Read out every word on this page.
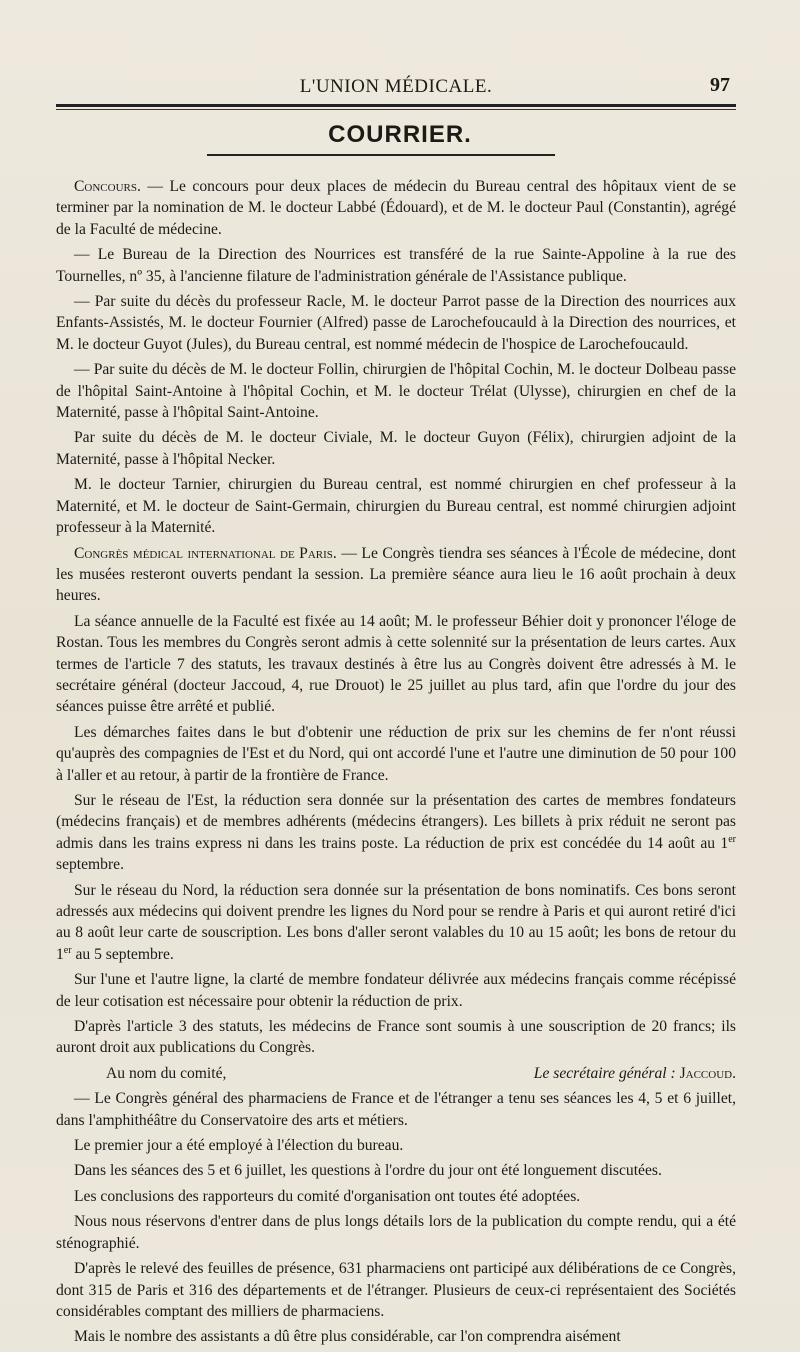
L'UNION MÉDICALE.	97
COURRIER.

Concours. — Le concours pour deux places de médecin du Bureau central des hôpitaux vient de se terminer par la nomination de M. le docteur Labbé (Édouard), et de M. le docteur Paul (Constantin), agrégé de la Faculté de médecine.

— Le Bureau de la Direction des Nourrices est transféré de la rue Sainte-Appoline à la rue des Tournelles, nº 35, à l'ancienne filature de l'administration générale de l'Assistance publique.

— Par suite du décès du professeur Racle, M. le docteur Parrot passe de la Direction des nourrices aux Enfants-Assistés, M. le docteur Fournier (Alfred) passe de Larochefoucauld à la Direction des nourrices, et M. le docteur Guyot (Jules), du Bureau central, est nommé médecin de l'hospice de Larochefoucauld.

— Par suite du décès de M. le docteur Follin, chirurgien de l'hôpital Cochin, M. le docteur Dolbeau passe de l'hôpital Saint-Antoine à l'hôpital Cochin, et M. le docteur Trélat (Ulysse), chirurgien en chef de la Maternité, passe à l'hôpital Saint-Antoine.

Par suite du décès de M. le docteur Civiale, M. le docteur Guyon (Félix), chirurgien adjoint de la Maternité, passe à l'hôpital Necker.

M. le docteur Tarnier, chirurgien du Bureau central, est nommé chirurgien en chef professeur à la Maternité, et M. le docteur de Saint-Germain, chirurgien du Bureau central, est nommé chirurgien adjoint professeur à la Maternité.

Congrès médical international de Paris. — Le Congrès tiendra ses séances à l'École de médecine, dont les musées resteront ouverts pendant la session. La première séance aura lieu le 16 août prochain à deux heures.

La séance annuelle de la Faculté est fixée au 14 août; M. le professeur Béhier doit y prononcer l'éloge de Rostan. Tous les membres du Congrès seront admis à cette solennité sur la présentation de leurs cartes. Aux termes de l'article 7 des statuts, les travaux destinés à être lus au Congrès doivent être adressés à M. le secrétaire général (docteur Jaccoud, 4, rue Drouot) le 25 juillet au plus tard, afin que l'ordre du jour des séances puisse être arrêté et publié.

Les démarches faites dans le but d'obtenir une réduction de prix sur les chemins de fer n'ont réussi qu'auprès des compagnies de l'Est et du Nord, qui ont accordé l'une et l'autre une diminution de 50 pour 100 à l'aller et au retour, à partir de la frontière de France.

Sur le réseau de l'Est, la réduction sera donnée sur la présentation des cartes de membres fondateurs (médecins français) et de membres adhérents (médecins étrangers). Les billets à prix réduit ne seront pas admis dans les trains express ni dans les trains poste. La réduction de prix est concédée du 14 août au 1er septembre.

Sur le réseau du Nord, la réduction sera donnée sur la présentation de bons nominatifs. Ces bons seront adressés aux médecins qui doivent prendre les lignes du Nord pour se rendre à Paris et qui auront retiré d'ici au 8 août leur carte de souscription. Les bons d'aller seront valables du 10 au 15 août; les bons de retour du 1er au 5 septembre.

Sur l'une et l'autre ligne, la clarté de membre fondateur délivrée aux médecins français comme récépissé de leur cotisation est nécessaire pour obtenir la réduction de prix.

D'après l'article 3 des statuts, les médecins de France sont soumis à une souscription de 20 francs; ils auront droit aux publications du Congrès.

Au nom du comité,	Le secrétaire général : Jaccoud.

— Le Congrès général des pharmaciens de France et de l'étranger a tenu ses séances les 4, 5 et 6 juillet, dans l'amphithéâtre du Conservatoire des arts et métiers.

Le premier jour a été employé à l'élection du bureau.

Dans les séances des 5 et 6 juillet, les questions à l'ordre du jour ont été longuement discutées.

Les conclusions des rapporteurs du comité d'organisation ont toutes été adoptées.

Nous nous réservons d'entrer dans de plus longs détails lors de la publication du compte rendu, qui a été sténographié.

D'après le relevé des feuilles de présence, 631 pharmaciens ont participé aux délibérations de ce Congrès, dont 315 de Paris et 316 des départements et de l'étranger. Plusieurs de ceux-ci représentaient des Sociétés considérables comptant des milliers de pharmaciens.

Mais le nombre des assistants a dû être plus considérable, car l'on comprendra aisément
